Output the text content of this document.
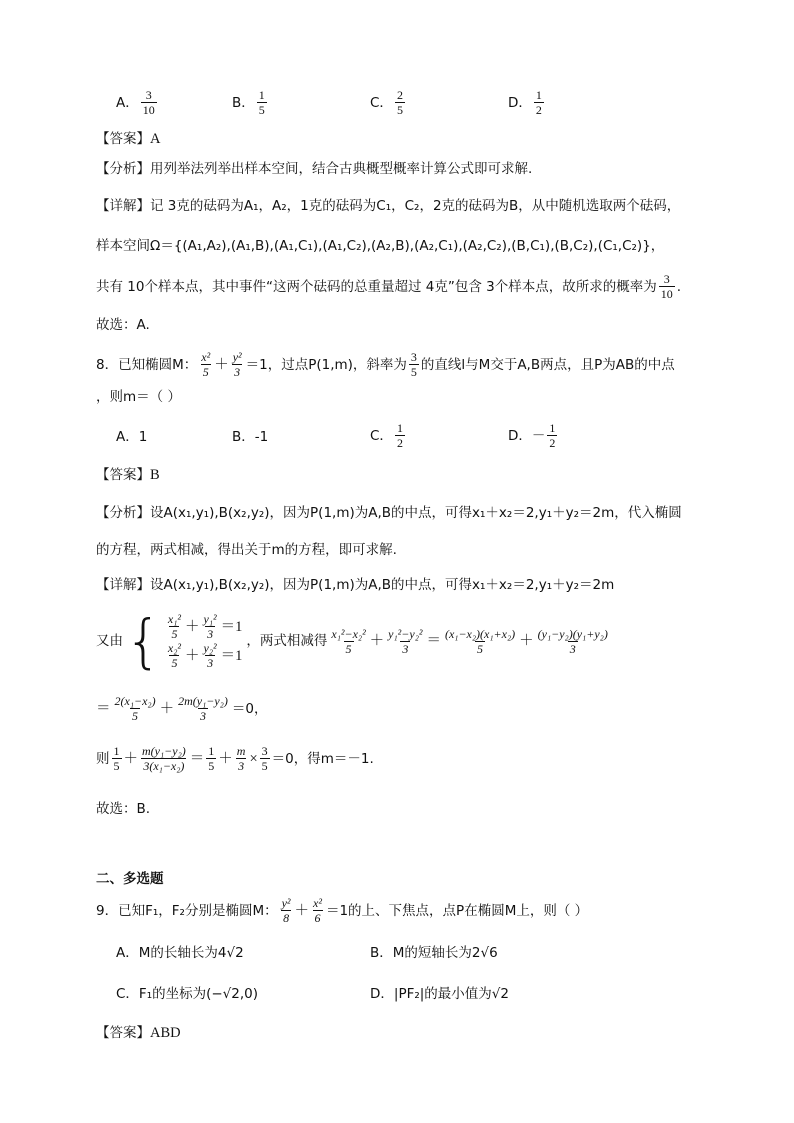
A． $\frac{3}{10}$	B． $\frac{1}{5}$	C． $\frac{2}{5}$	D． $\frac{1}{2}$
【答案】A
【分析】用列举法列举出样本空间，结合古典概型概率计算公式即可求解.
【详解】记 3克的砝码为A₁，A₂，1克的砝码为C₁，C₂，2克的砝码为B，从中随机选取两个砝码，
样本空间Ω＝{(A₁,A₂),(A₁,B),(A₁,C₁),(A₁,C₂),(A₂,B),(A₂,C₁),(A₂,C₂),(B,C₁),(B,C₂),(C₁,C₂)}，
共有 10个样本点，其中事件“这两个砝码的总重量超过 4克”包含 3个样本点，故所求的概率为 $\frac{3}{10}$ .
故选：A.
8．已知椭圆M： $\frac{\text{x²}}{5} + \frac{\text{y²}}{3} =1$，过点P(1,m)，斜率为 $\frac{3}{5}$ 的直线l与M交于A,B两点，且P为AB的中点
，则m＝（ ）
A．1	B．-1	C． $\frac{1}{2}$	D．－ $\frac{1}{2}$
【答案】B
【分析】设A(x₁,y₁),B(x₂,y₂)，因为P(1,m)为A,B的中点，可得x₁＋x₂＝2,y₁＋y₂＝2m，代入椭圆
的方程，两式相减，得出关于m的方程，即可求解.
【详解】设A(x₁,y₁),B(x₂,y₂)，因为P(1,m)为A,B的中点，可得x₁＋x₂＝2,y₁＋y₂＝2m
又由 { $\frac{\text{x₁²}}{5} + \frac{\text{y₁²}}{3} =1$
$\frac{\text{x₂²}}{5} + \frac{\text{y₂²}}{3} =1$
，两式相减得 $\frac{\text{x₁²−x₂²}}{5} + \frac{\text{y₁²−y₂²}}{3} = \frac{\text{(x₁−x₂)(x₁+x₂)}}{5} + \frac{\text{(y₁−y₂)(y₁+y₂)}}{3}$
＝ $\frac{\text{2(x₁−x₂)}}{5} + \frac{\text{2m(y₁−y₂)}}{3} =0$，
则 $\frac{1}{5} + \frac{\text{m(y₁−y₂)}}{\text{3(x₁−x₂)}} = \frac{1}{5} + \frac{m}{3} \times \frac{3}{5} =0$，得m＝－1.
故选：B.
二、多选题
9．已知F₁，F₂分别是椭圆M： $\frac{\text{y²}}{8} + \frac{\text{x²}}{6} =1$的上、下焦点，点P在椭圆M上，则（ ）
A．M的长轴长为4√2	B．M的短轴长为2√6
C．F₁的坐标为(−√2,0)	D．|PF₂|的最小值为√2
【答案】ABD
